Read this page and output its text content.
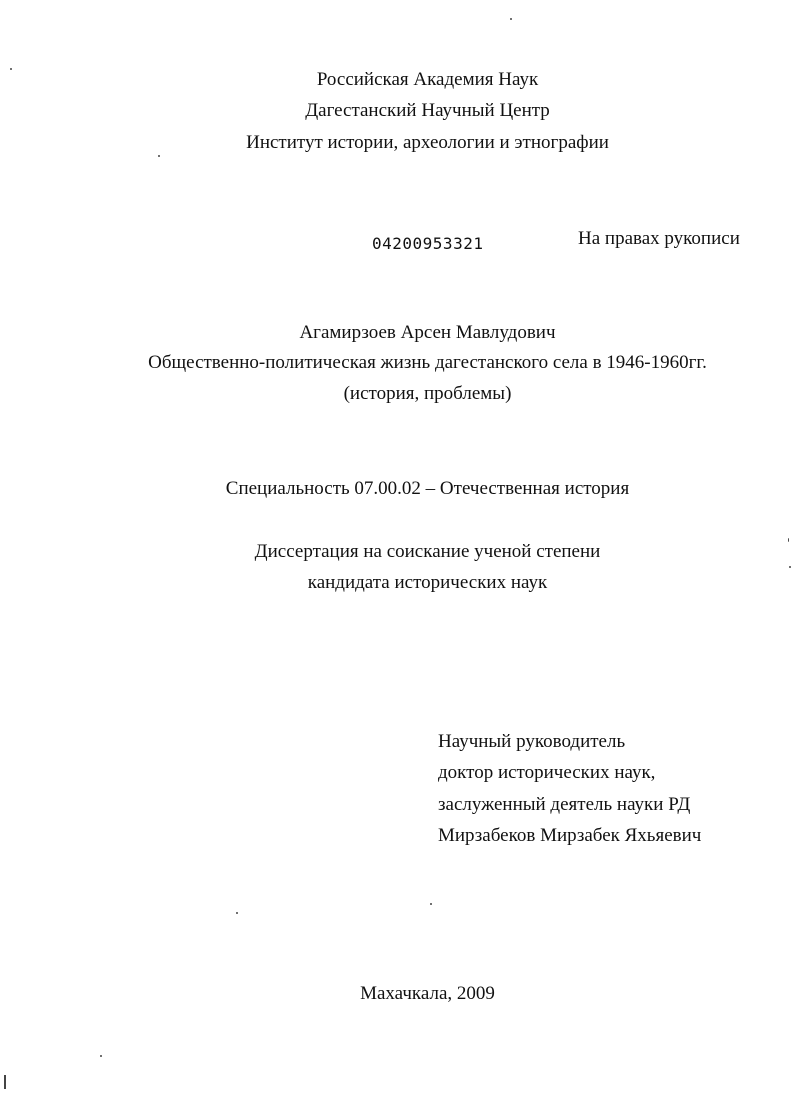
Российская Академия Наук
Дагестанский Научный Центр
Институт истории, археологии и этнографии
04200953321	На правах рукописи
Агамирзоев Арсен Мавлудович
Общественно-политическая жизнь дагестанского села в 1946-1960гг.
(история, проблемы)
Специальность 07.00.02 – Отечественная история
Диссертация на соискание ученой степени
кандидата исторических наук
Научный руководитель
доктор исторических наук,
заслуженный деятель науки РД
Мирзабеков Мирзабек Яхьяевич
Махачкала, 2009
